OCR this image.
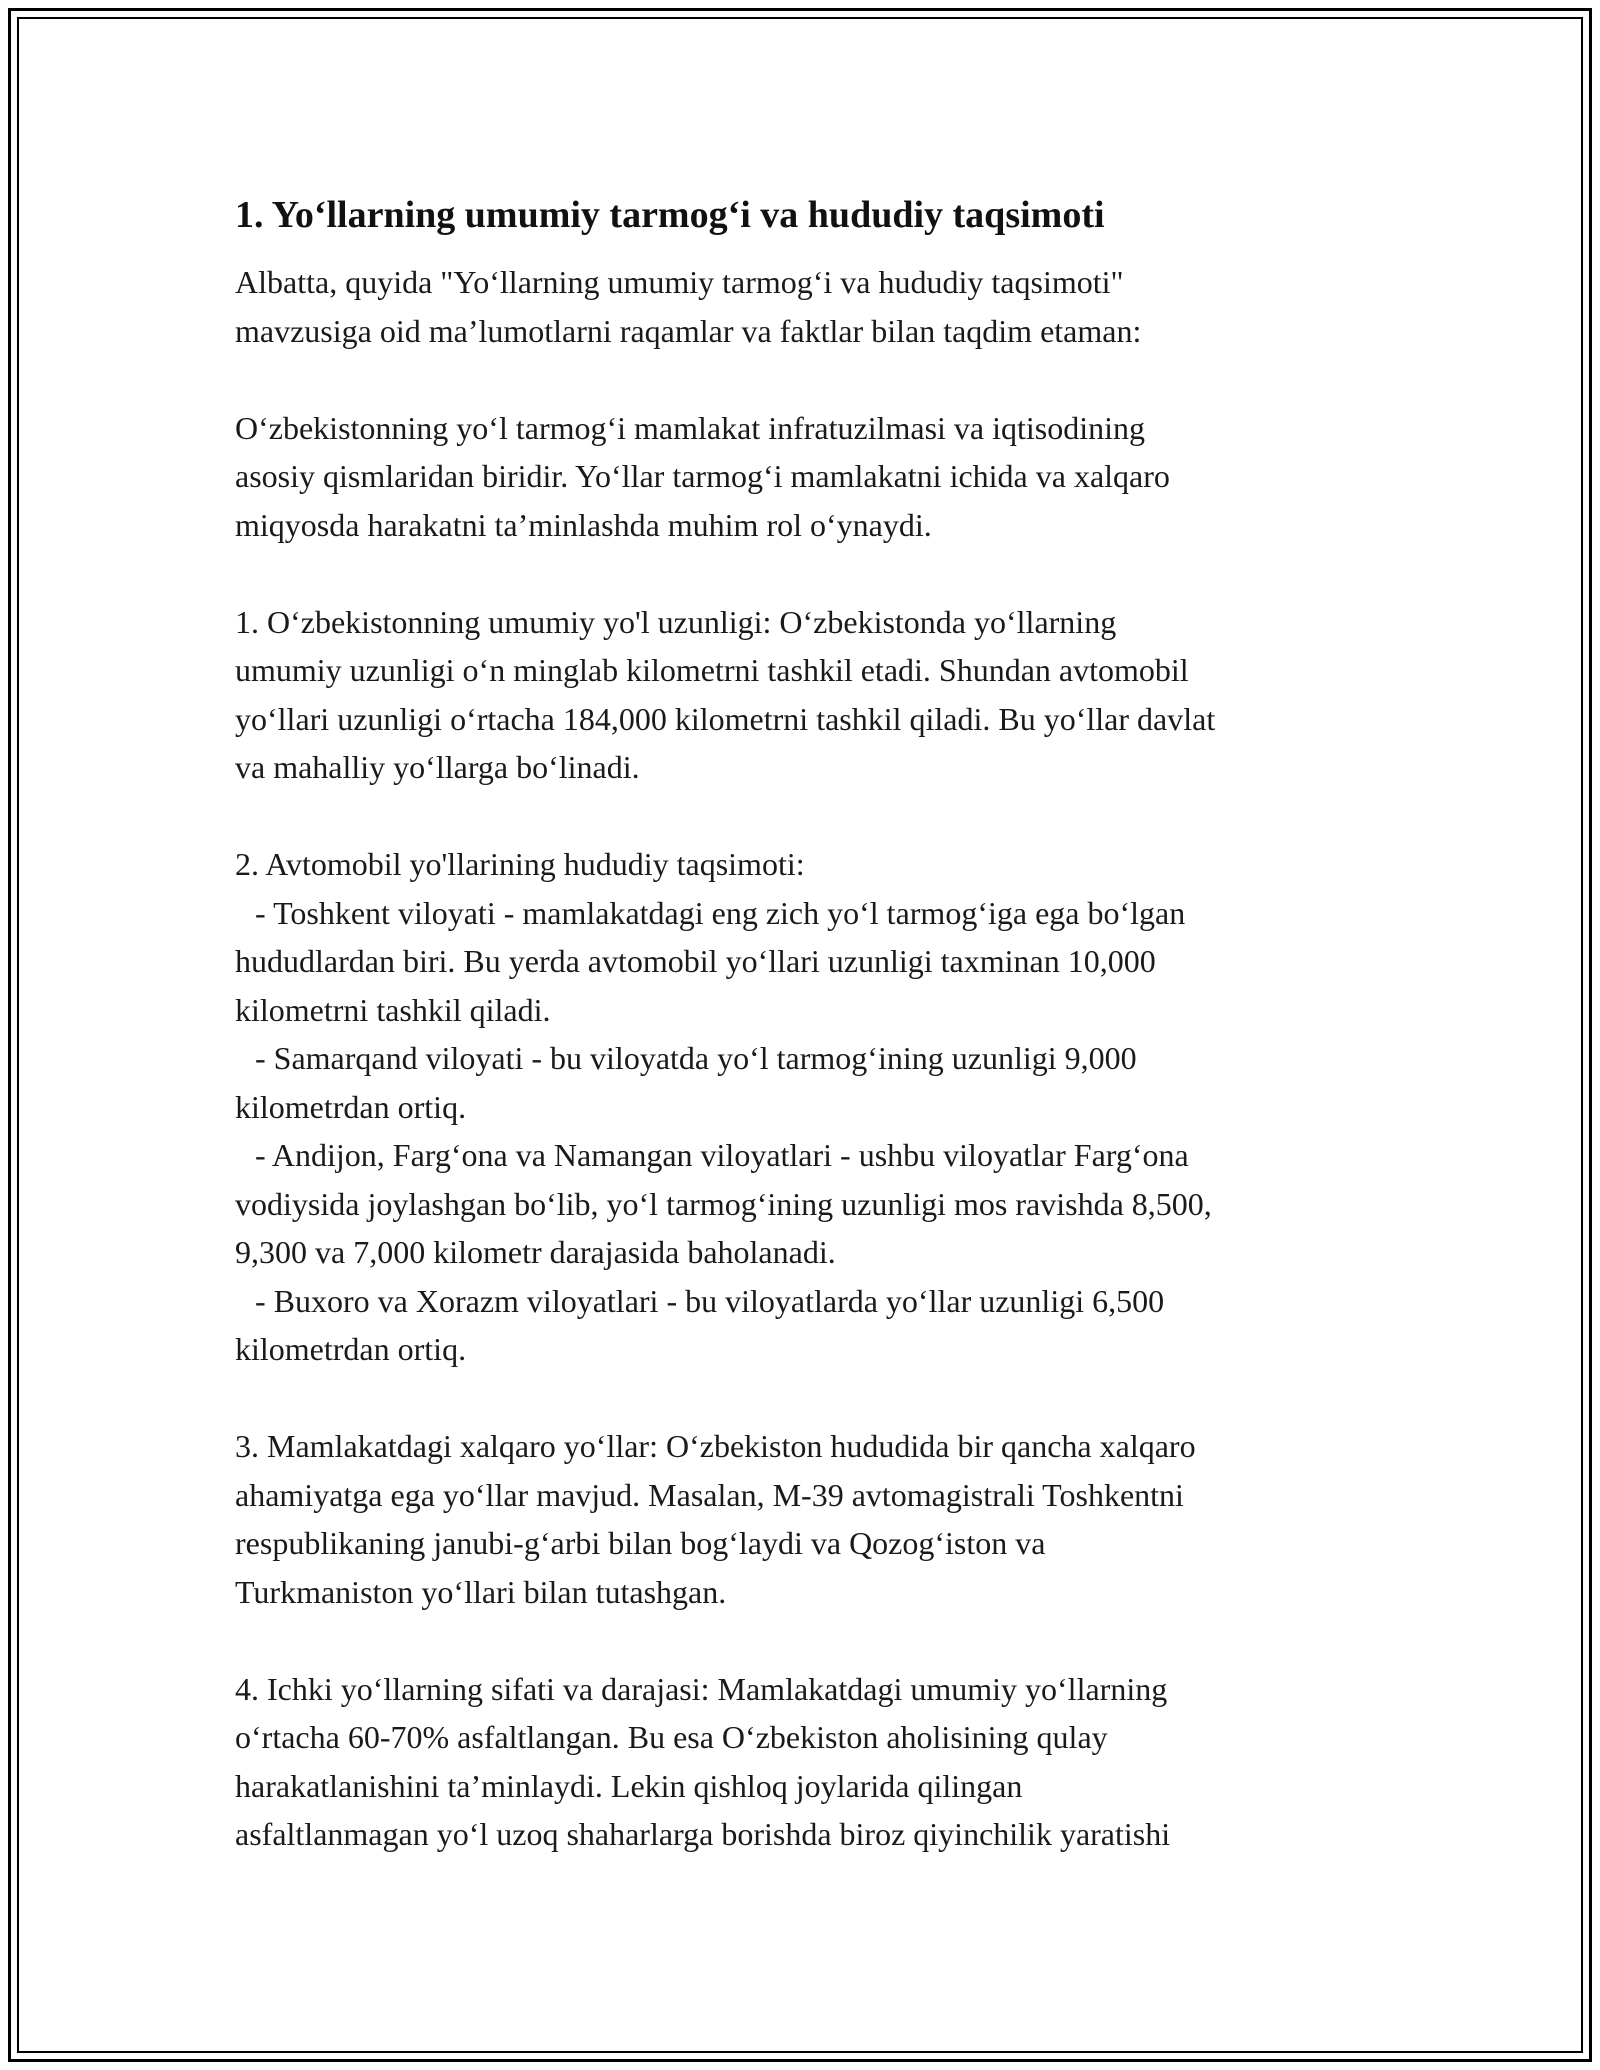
1. Yo‘llarning umumiy tarmog‘i va hududiy taqsimoti

Albatta, quyida "Yo‘llarning umumiy tarmog‘i va hududiy taqsimoti"
mavzusiga oid ma’lumotlarni raqamlar va faktlar bilan taqdim etaman:

O‘zbekistonning yo‘l tarmog‘i mamlakat infratuzilmasi va iqtisodining
asosiy qismlaridan biridir. Yo‘llar tarmog‘i mamlakatni ichida va xalqaro
miqyosda harakatni ta’minlashda muhim rol o‘ynaydi.

1. O‘zbekistonning umumiy yo'l uzunligi: O‘zbekistonda yo‘llarning
umumiy uzunligi o‘n minglab kilometrni tashkil etadi. Shundan avtomobil
yo‘llari uzunligi o‘rtacha 184,000 kilometrni tashkil qiladi. Bu yo‘llar davlat
va mahalliy yo‘llarga bo‘linadi.

2. Avtomobil yo'llarining hududiy taqsimoti:
- Toshkent viloyati - mamlakatdagi eng zich yo‘l tarmog‘iga ega bo‘lgan
hududlardan biri. Bu yerda avtomobil yo‘llari uzunligi taxminan 10,000
kilometrni tashkil qiladi.
- Samarqand viloyati - bu viloyatda yo‘l tarmog‘ining uzunligi 9,000
kilometrdan ortiq.
- Andijon, Farg‘ona va Namangan viloyatlari - ushbu viloyatlar Farg‘ona
vodiysida joylashgan bo‘lib, yo‘l tarmog‘ining uzunligi mos ravishda 8,500,
9,300 va 7,000 kilometr darajasida baholanadi.
- Buxoro va Xorazm viloyatlari - bu viloyatlarda yo‘llar uzunligi 6,500
kilometrdan ortiq.

3. Mamlakatdagi xalqaro yo‘llar: O‘zbekiston hududida bir qancha xalqaro
ahamiyatga ega yo‘llar mavjud. Masalan, M-39 avtomagistrali Toshkentni
respublikaning janubi-g‘arbi bilan bog‘laydi va Qozog‘iston va
Turkmaniston yo‘llari bilan tutashgan.

4. Ichki yo‘llarning sifati va darajasi: Mamlakatdagi umumiy yo‘llarning
o‘rtacha 60-70% asfaltlangan. Bu esa O‘zbekiston aholisining qulay
harakatlanishini ta’minlaydi. Lekin qishloq joylarida qilingan
asfaltlanmagan yo‘l uzoq shaharlarga borishda biroz qiyinchilik yaratishi
